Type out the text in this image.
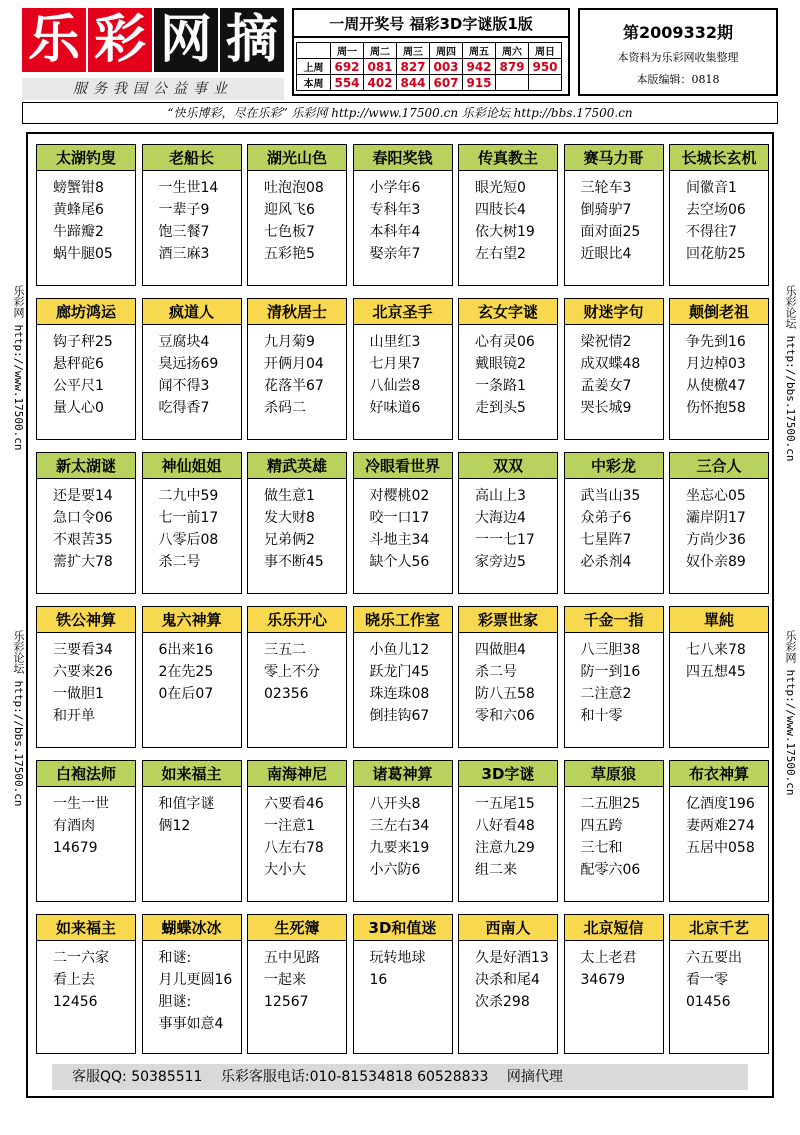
乐 彩 网 摘
服务我国公益事业
一周开奖号 福彩3D字谜版1版
	周一	周二	周三	周四	周五	周六	周日
上周	692	081	827	003	942	879	950
本周	554	402	844	607	915		
第2009332期
本资料为乐彩网收集整理
本版编辑：0818
“快乐博彩，尽在乐彩” 乐彩网 http://www.17500.cn 乐彩论坛 http://bbs.17500.cn
乐彩网 http://www.17500.cn
乐彩论坛 http://bbs.17500.cn
乐彩论坛 http://bbs.17500.cn
乐彩网 http://www.17500.cn
太湖钓叟
螃蟹钳8
黄蜂尾6
牛蹄瓣2
蜗牛腿05
老船长
一生世14
一辈子9
饱三餐7
酒三麻3
湖光山色
吐泡泡08
迎风飞6
七色板7
五彩艳5
春阳奖钱
小学年6
专科年3
本科年4
娶亲年7
传真教主
眼光短0
四肢长4
依大树19
左右望2
赛马力哥
三轮车3
倒骑驴7
面对面25
近眼比4
长城长玄机
间徽音1
去空场06
不得往7
回花舫25
廊坊鸿运
钩子秤25
悬秤砣6
公平尺1
量人心0
疯道人
豆腐块4
臭远扬69
闻不得3
吃得香7
清秋居士
九月菊9
开俩月04
花落半67
杀码二
北京圣手
山里红3
七月果7
八仙尝8
好味道6
玄女字谜
心有灵06
戴眼镜2
一条路1
走到头5
财迷字句
梁祝情2
成双蝶48
孟姜女7
哭长城9
颠倒老祖
争先到16
月边棹03
从使檄47
伤怀抱58
新太湖谜
还是要14
急口令06
不艰苦35
薷扩大78
神仙姐姐
二九中59
七一前17
八零后08
杀二号
精武英雄
做生意1
发大财8
兄弟俩2
事不断45
冷眼看世界
对樱桃02
咬一口17
斗地主34
缺个人56
双双
高山上3
大海边4
一一七17
家旁边5
中彩龙
武当山35
众弟子6
七星阵7
必杀剂4
三合人
坐忘心05
灞岸阴17
方尚少36
奴仆亲89
铁公神算
三要看34
六要来26
一做胆1
和开单
鬼六神算
6出来16
2在先25
0在后07
乐乐开心
三五二
零上不分
02356
晓乐工作室
小鱼儿12
跃龙门45
珠连珠08
倒挂钩67
彩票世家
四做胆4
杀二号
防八五58
零和六06
千金一指
八三胆38
防一到16
二注意2
和十零
單純
七八来78
四五想45
白袍法师
一生一世
有酒肉
14679
如来福主
和值字谜
俩12
南海神尼
六要看46
一注意1
八左右78
大小大
诸葛神算
八开头8
三左右34
九要来19
小六防6
3D字谜
一五尾15
八好看48
注意九29
组二来
草原狼
二五胆25
四五跨
三七和
配零六06
布衣神算
亿酒度196
妻两难274
五居中058
如来福主
二一六家
看上去
12456
蝴蝶冰冰
和谜:
月儿更圆16
胆谜:
事事如意4
生死簿
五中见路
一起来
12567
3D和值迷
玩转地球
16
西南人
久是好酒13
决杀和尾4
次杀298
北京短信
太上老君
34679
北京千艺
六五要出
看一零
01456
客服QQ: 50385511 乐彩客服电话:010-81534818 60528833 网摘代理
